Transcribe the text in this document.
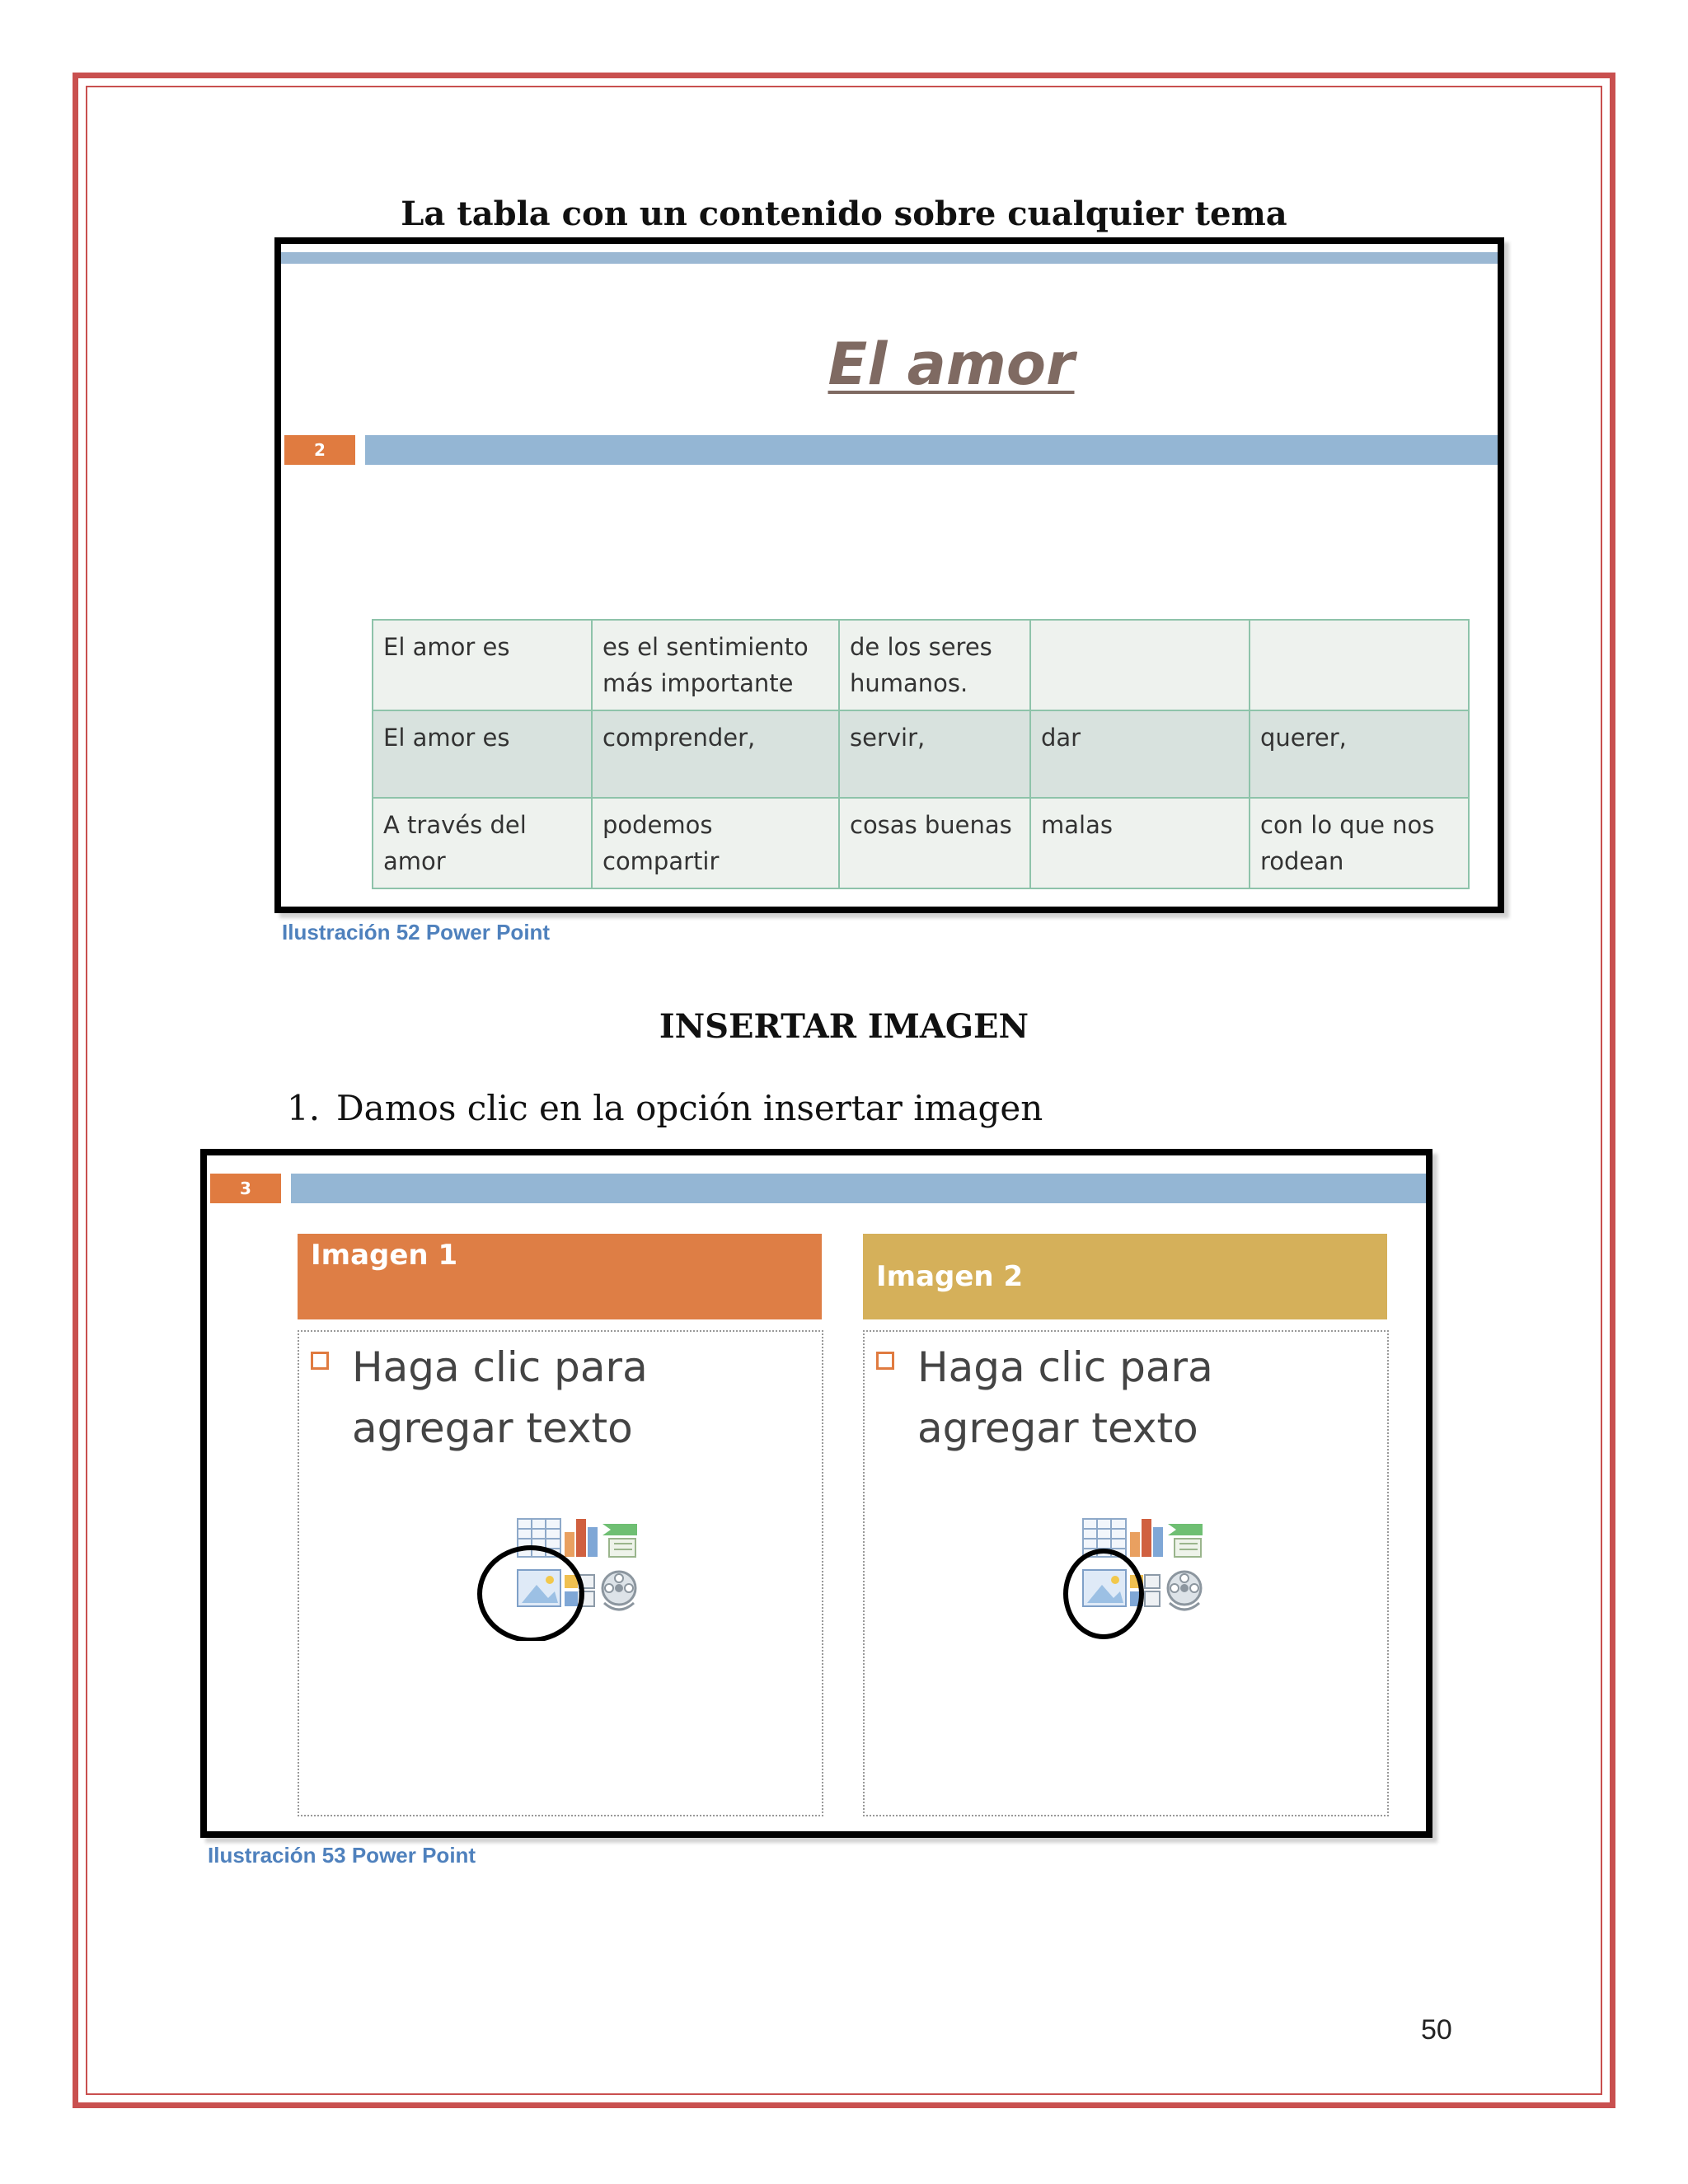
La tabla con un contenido sobre cualquier tema
El amor
2
El amor es	es el sentimiento más importante	de los seres humanos.		
El amor es	comprender,	servir,	dar	querer,
A través del amor	podemos compartir	cosas buenas	malas	con lo que nos rodean
Ilustración 52 Power Point
INSERTAR IMAGEN
1. Damos clic en la opción insertar imagen
3
Imagen 1
Imagen 2
Haga clic para agregar texto
Haga clic para agregar texto
Ilustración 53 Power Point
50
